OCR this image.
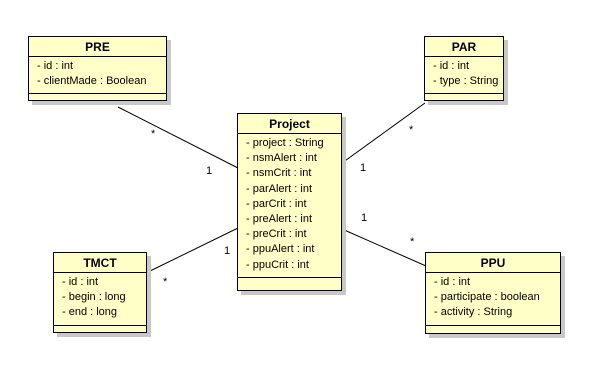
PRE
- id : int
- clientMade : Boolean
PAR
- id : int
- type : String
Project
- project : String
- nsmAlert : int
- nsmCrit : int
- parAlert : int
- parCrit : int
- preAlert : int
- preCrit : int
- ppuAlert : int
- ppuCrit : int
TMCT
- id : int
- begin : long
- end : long
PPU
- id : int
- participate : boolean
- activity : String
*
1
*
1
*
1
*
1
